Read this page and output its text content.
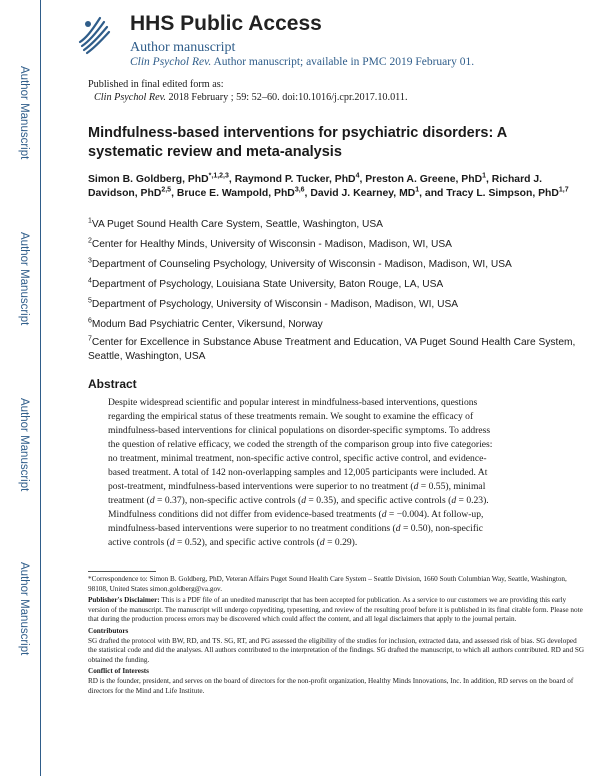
Author Manuscript
Author Manuscript
Author Manuscript
Author Manuscript
HHS Public Access
Author manuscript
Clin Psychol Rev. Author manuscript; available in PMC 2019 February 01.
Published in final edited form as:
Clin Psychol Rev. 2018 February ; 59: 52–60. doi:10.1016/j.cpr.2017.10.011.
Mindfulness-based interventions for psychiatric disorders: A systematic review and meta-analysis
Simon B. Goldberg, PhD$^{*,1,2,3}$, Raymond P. Tucker, PhD$^4$, Preston A. Greene, PhD$^1$, Richard J. Davidson, PhD$^{2,5}$, Bruce E. Wampold, PhD$^{3,6}$, David J. Kearney, $MD^1$, and Tracy L. Simpson, PhD$^{1,7}$
$^1$VA Puget Sound Health Care System, Seattle, Washington, USA
$^2$Center for Healthy Minds, University of Wisconsin - Madison, Madison, WI, USA
$^3$Department of Counseling Psychology, University of Wisconsin - Madison, Madison, WI, USA
$^4$Department of Psychology, Louisiana State University, Baton Rouge, LA, USA
$^5$Department of Psychology, University of Wisconsin - Madison, Madison, WI, USA
$^6$Modum Bad Psychiatric Center, Vikersund, Norway
$^7$Center for Excellence in Substance Abuse Treatment and Education, VA Puget Sound Health Care System, Seattle, Washington, USA
Abstract
Despite widespread scientific and popular interest in mindfulness-based interventions, questions regarding the empirical status of these treatments remain. We sought to examine the efficacy of mindfulness-based interventions for clinical populations on disorder-specific symptoms. To address the question of relative efficacy, we coded the strength of the comparison group into five categories: no treatment, minimal treatment, non-specific active control, specific active control, and evidence-based treatment. A total of 142 non-overlapping samples and 12,005 participants were included. At post-treatment, mindfulness-based interventions were superior to no treatment (d = 0.55), minimal treatment (d = 0.37), non-specific active controls (d = 0.35), and specific active controls (d = 0.23). Mindfulness conditions did not differ from evidence-based treatments (d = −0.004). At follow-up, mindfulness-based interventions were superior to no treatment conditions (d = 0.50), non-specific active controls (d = 0.52), and specific active controls (d = 0.29).

*Correspondence to: Simon B. Goldberg, PhD, Veteran Affairs Puget Sound Health Care System – Seattle Division, 1660 South Columbian Way, Seattle, Washington, 98108, United States simon.goldberg@va.gov.

Publisher's Disclaimer: This is a PDF file of an unedited manuscript that has been accepted for publication. As a service to our customers we are providing this early version of the manuscript. The manuscript will undergo copyediting, typesetting, and review of the resulting proof before it is published in its final citable form. Please note that during the production process errors may be discovered which could affect the content, and all legal disclaimers that apply to the journal pertain.

Contributors

SG drafted the protocol with BW, RD, and TS. SG, RT, and PG assessed the eligibility of the studies for inclusion, extracted data, and assessed risk of bias. SG developed the statistical code and did the analyses. All authors contributed to the interpretation of the findings. SG drafted the manuscript, to which all authors contributed. RD and SG obtained the funding.

Conflict of Interests

RD is the founder, president, and serves on the board of directors for the non-profit organization, Healthy Minds Innovations, Inc. In addition, RD serves on the board of directors for the Mind and Life Institute.
